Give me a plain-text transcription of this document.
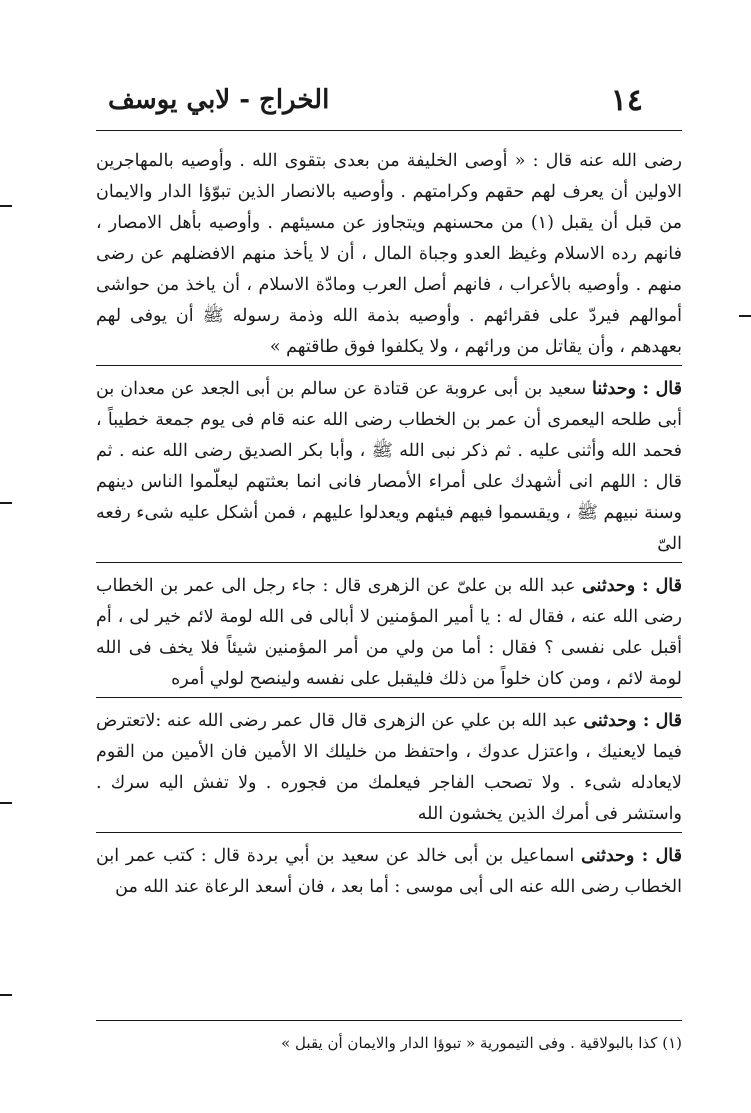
١٤
الخراج - لابي يوسف

رضى الله عنه قال : « أوصى الخليفة من بعدى بتقوى الله . وأوصيه بالمهاجرين الاولين أن يعرف لهم حقهم وكرامتهم . وأوصيه بالانصار الذين تبوّؤا الدار والايمان من قبل أن يقبل (١) من محسنهم ويتجاوز عن مسيئهم . وأوصيه بأهل الامصار ، فانهم رده الاسلام وغيظ العدو وجباة المال ، أن لا يأخذ منهم الافضلهم عن رضى منهم . وأوصيه بالأعراب ، فانهم أصل العرب ومادّة الاسلام ، أن ياخذ من حواشى أموالهم فيردّ على فقرائهم . وأوصيه بذمة الله وذمة رسوله ﷺ أن يوفى لهم بعهدهم ، وأن يقاتل من ورائهم ، ولا يكلفوا فوق طاقتهم »

قال : وحدثنا سعيد بن أبى عروبة عن قتادة عن سالم بن أبى الجعد عن معدان بن أبى طلحه اليعمرى أن عمر بن الخطاب رضى الله عنه قام فى يوم جمعة خطيباً ، فحمد الله وأثنى عليه . ثم ذكر نبى الله ﷺ ، وأبا بكر الصديق رضى الله عنه . ثم قال : اللهم انى أشهدك على أمراء الأمصار فانى انما بعثتهم ليعلّموا الناس دينهم وسنة نبيهم ﷺ ، ويقسموا فيهم فيئهم ويعدلوا عليهم ، فمن أشكل عليه شىء رفعه الىّ

قال : وحدثنى عبد الله بن علىّ عن الزهرى قال : جاء رجل الى عمر بن الخطاب رضى الله عنه ، فقال له : يا أمير المؤمنين لا أبالى فى الله لومة لائم خير لى ، أم أقبل على نفسى ؟ فقال : أما من ولي من أمر المؤمنين شيئاً فلا يخف فى الله لومة لائم ، ومن كان خلواً من ذلك فليقبل على نفسه ولينصح لولي أمره

قال : وحدثنى عبد الله بن علي عن الزهرى قال قال عمر رضى الله عنه :لاتعترض فيما لايعنيك ، واعتزل عدوك ، واحتفظ من خليلك الا الأمين فان الأمين من القوم لايعادله شىء . ولا تصحب الفاجر فيعلمك من فجوره . ولا تفش اليه سرك . واستشر فى أمرك الذين يخشون الله

قال : وحدثنى اسماعيل بن أبى خالد عن سعيد بن أبي بردة قال : كتب عمر ابن الخطاب رضى الله عنه الى أبى موسى : أما بعد ، فان أسعد الرعاة عند الله من

(١) كذا بالبولاقية . وفى التيمورية « تبوؤا الدار والايمان أن يقبل »
